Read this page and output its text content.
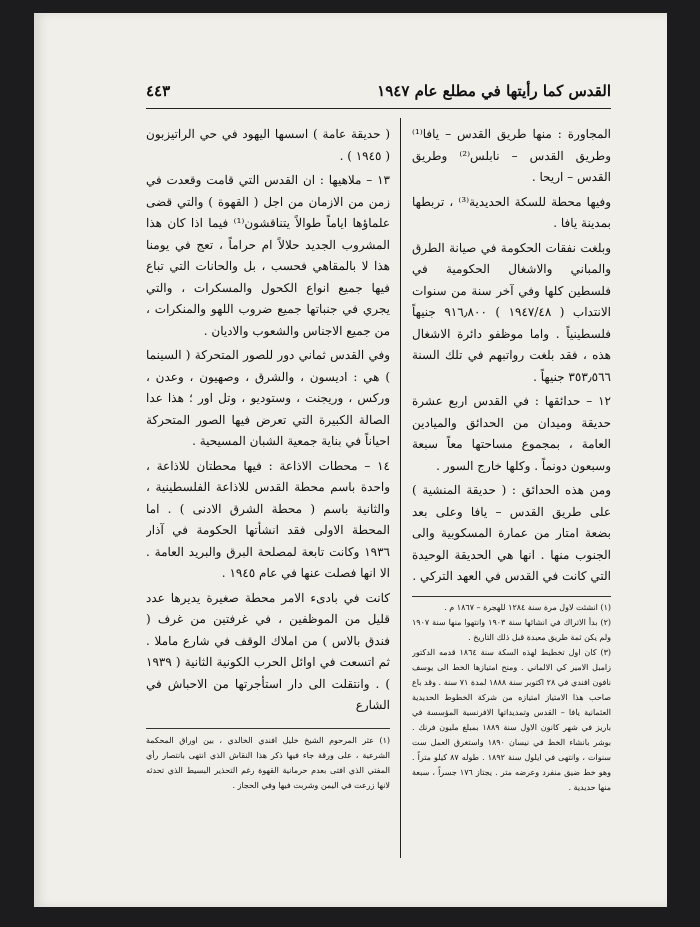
القدس كما رأيتها في مطلع عام ١٩٤٧
٤٤٣

المجاورة : منها طريق القدس – يافا⁽¹⁾ وطريق القدس – نابلس⁽²⁾ وطريق القدس – اريحا .

وفيها محطة للسكة الحديدية⁽³⁾ ، تربطها بمدينة يافا .

وبلغت نفقات الحكومة في صيانة الطرق والمباني والاشغال الحكومية في فلسطين كلها وفي آخر سنة من سنوات الانتداب ( ١٩٤٧/٤٨ ) ٩١٦٫٨٠٠ جنيهاً فلسطينياً . واما موظفو دائرة الاشغال هذه ، فقد بلغت رواتبهم في تلك السنة ٣٥٣٫٥٦٦ جنيهاً .

١٢ – حدائقها : في القدس اربع عشرة حديقة وميدان من الحدائق والميادين العامة ، بمجموع مساحتها معاً سبعة وسبعون دونماً . وكلها خارج السور .

ومن هذه الحدائق : ( حديقة المنشية ) على طريق القدس – يافا وعلى بعد بضعة امتار من عمارة المسكوبية والى الجنوب منها . انها هي الحديقة الوحيدة التي كانت في القدس في العهد التركي .

( حديقة عامة ) اسسها اليهود في حي الراتيزبون ( ١٩٤٥ ) .

١٣ – ملاهيها : ان القدس التي قامت وقعدت في زمن من الازمان من اجل ( القهوة ) والتي قضى علماؤها اياماً طوالاً يتناقشون⁽¹⁾ فيما اذا كان هذا المشروب الجديد حلالاً ام حراماً ، تعج في يومنا هذا لا بالمقاهي فحسب ، بل والحانات التي تباع فيها جميع انواع الكحول والمسكرات ، والتي يجري في جنباتها جميع ضروب اللهو والمنكرات ، من جميع الاجناس والشعوب والاديان .

وفي القدس ثماني دور للصور المتحركة ( السينما ) هي : اديسون ، والشرق ، وصهيون ، وعدن ، وركس ، وريجنت ، وستوديو ، وتل اور ؛ هذا عدا الصالة الكبيرة التي تعرض فيها الصور المتحركة احياناً في بناية جمعية الشبان المسيحية .

١٤ – محطات الاذاعة : فيها محطتان للاذاعة ، واحدة باسم محطة القدس للاذاعة الفلسطينية ، والثانية باسم ( محطة الشرق الادنى ) . اما المحطة الاولى فقد انشأتها الحكومة في آذار ١٩٣٦ وكانت تابعة لمصلحة البرق والبريد العامة . الا انها فصلت عنها في عام ١٩٤٥ .

كانت في بادىء الامر محطة صغيرة يديرها عدد قليل من الموظفين ، في غرفتين من غرف ( فندق بالاس ) من املاك الوقف في شارع ماملا . ثم اتسعت في اوائل الحرب الكونية الثانية ( ١٩٣٩ ) . وانتقلت الى دار استأجرتها من الاحباش في الشارع

(١) انشئت لاول مرة سنة ١٢٨٤ للهجرة – ١٨٦٧ م .

(٢) بدأ الاتراك في انشائها سنة ١٩٠٣ وانتهوا منها سنة ١٩٠٧ ولم يكن ثمة طريق معبدة قبل ذلك التاريخ .

(٣) كان اول تخطيط لهذه السكة سنة ١٨٦٤ قدمه الدكتور زامبل الامير كي الالماني . ومنح امتيازها الخط الى يوسف نافون افندي في ٢٨ اكتوبر سنة ١٨٨٨ لمدة ٧١ سنة . وقد باع صاحب هذا الامتياز امتيازه من شركة الخطوط الحديدية العثمانية يافا – القدس وتمديداتها الافرنسية المؤسسة في باريز في شهر كانون الاول سنة ١٨٨٩ بمبلغ مليون فرنك . بوشر بانشاء الخط في نيسان ١٨٩٠ واستغرق العمل ست سنوات ، وانتهى في ايلول سنة ١٨٩٢ . طوله ٨٧ كيلو متراً . وهو خط ضيق منفرد وعرضه متر . يجتاز ١٧٦ جسراً ، سبعة منها حديدية .

(١) عثر المرحوم الشيخ خليل افندي الخالدي ، بين اوراق المحكمة الشرعية ، على ورقة جاء فيها ذكر هذا النقاش الذي انتهى بانتصار رأي المفتي الذي افتى بعدم حرمانية القهوة رغم التحذير البسيط الذي تحدثه لانها زرعت في اليمن وشربت فيها وفي الحجاز .
